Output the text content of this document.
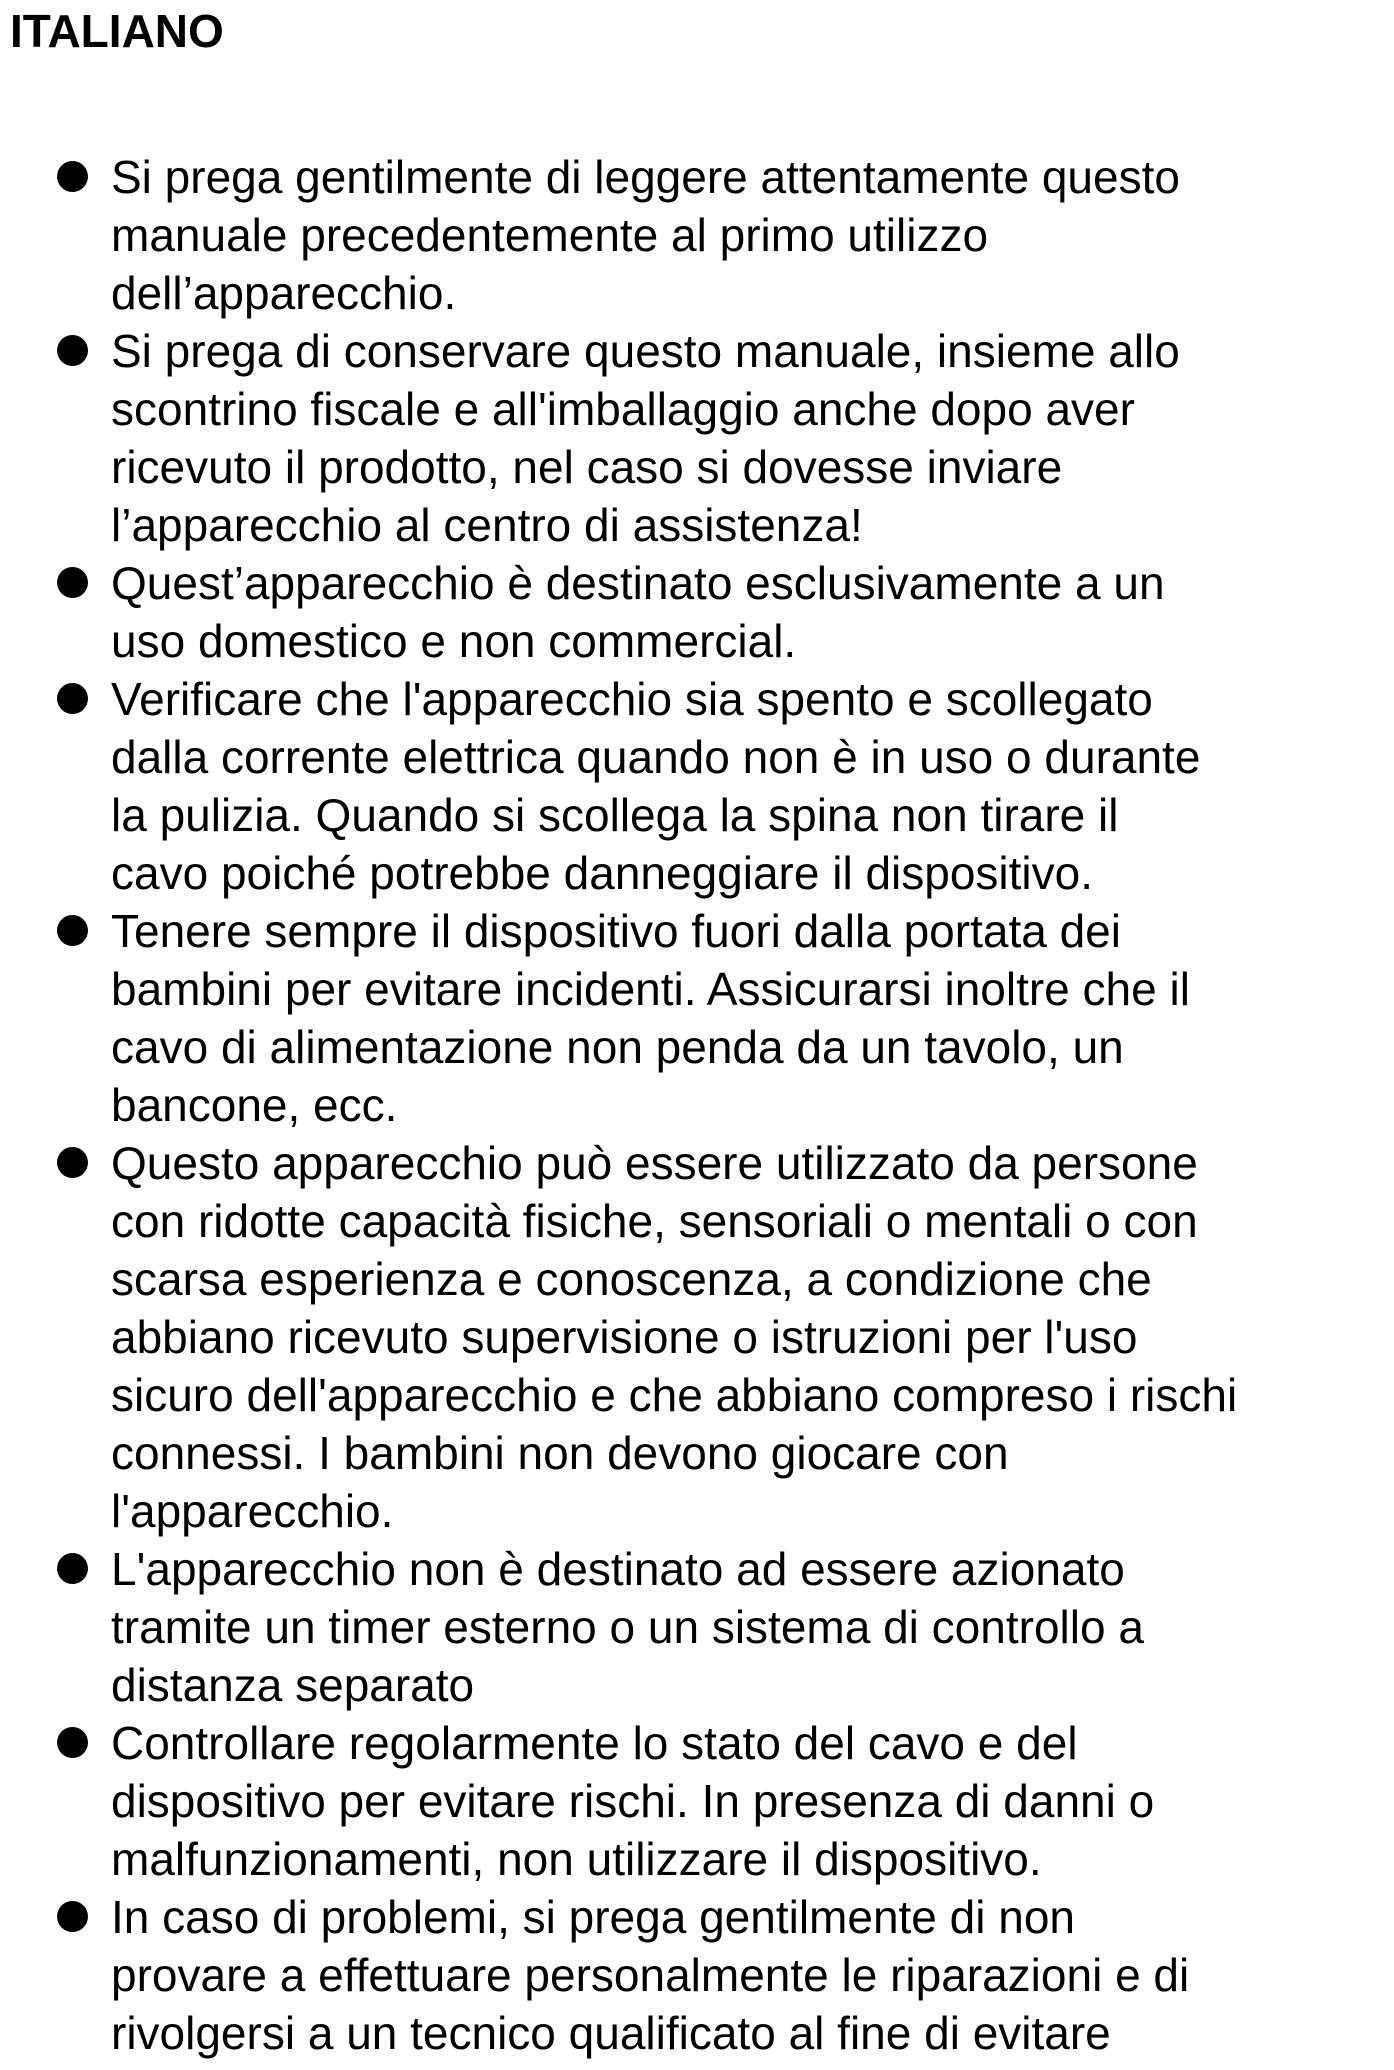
ITALIANO
Si prega gentilmente di leggere attentamente questo
manuale precedentemente al primo utilizzo
dell’apparecchio.
Si prega di conservare questo manuale, insieme allo
scontrino fiscale e all'imballaggio anche dopo aver
ricevuto il prodotto, nel caso si dovesse inviare
l’apparecchio al centro di assistenza!
Quest’apparecchio è destinato esclusivamente a un
uso domestico e non commercial.
Verificare che l'apparecchio sia spento e scollegato
dalla corrente elettrica quando non è in uso o durante
la pulizia. Quando si scollega la spina non tirare il
cavo poiché potrebbe danneggiare il dispositivo.
Tenere sempre il dispositivo fuori dalla portata dei
bambini per evitare incidenti. Assicurarsi inoltre che il
cavo di alimentazione non penda da un tavolo, un
bancone, ecc.
Questo apparecchio può essere utilizzato da persone
con ridotte capacità fisiche, sensoriali o mentali o con
scarsa esperienza e conoscenza, a condizione che
abbiano ricevuto supervisione o istruzioni per l'uso
sicuro dell'apparecchio e che abbiano compreso i rischi
connessi. I bambini non devono giocare con
l'apparecchio.
L'apparecchio non è destinato ad essere azionato
tramite un timer esterno o un sistema di controllo a
distanza separato
Controllare regolarmente lo stato del cavo e del
dispositivo per evitare rischi. In presenza di danni o
malfunzionamenti, non utilizzare il dispositivo.
In caso di problemi, si prega gentilmente di non
provare a effettuare personalmente le riparazioni e di
rivolgersi a un tecnico qualificato al fine di evitare
